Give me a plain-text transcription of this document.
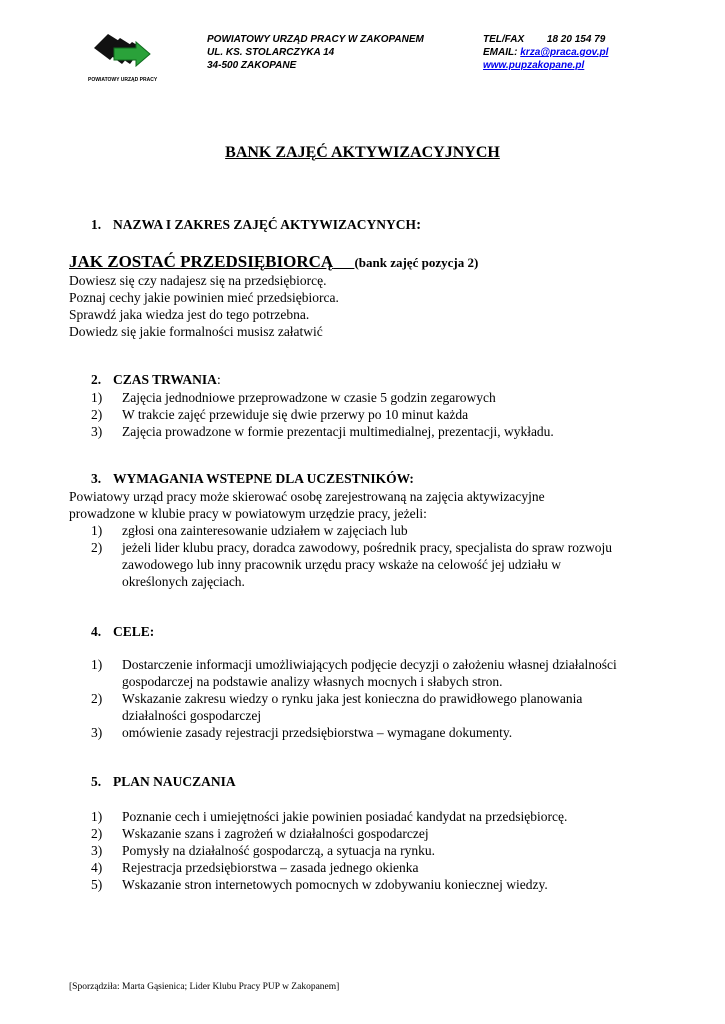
POWIATOWY URZĄD PRACY
POWIATOWY URZĄD PRACY W ZAKOPANEM
UL. KS. STOLARCZYKA 14
34-500 ZAKOPANE
TEL/FAX 18 20 154 79
EMAIL: krza@praca.gov.pl
www.pupzakopane.pl
BANK ZAJĘĆ AKTYWIZACYJNYCH
1. NAZWA I ZAKRES ZAJĘĆ AKTYWIZACYNYCH:
JAK ZOSTAĆ PRZEDSIĘBIORCĄ (bank zajęć pozycja 2)
Dowiesz się czy nadajesz się na przedsiębiorcę.
Poznaj cechy jakie powinien mieć przedsiębiorca.
Sprawdź jaka wiedza jest do tego potrzebna.
Dowiedz się jakie formalności musisz załatwić
2. CZAS TRWANIA:
1)	Zajęcia jednodniowe przeprowadzone w czasie 5 godzin zegarowych
2)	W trakcie zajęć przewiduje się dwie przerwy po 10 minut każda
3)	Zajęcia prowadzone w formie prezentacji multimedialnej, prezentacji, wykładu.
3. WYMAGANIA WSTEPNE DLA UCZESTNIKÓW:
Powiatowy urząd pracy może skierować osobę zarejestrowaną na zajęcia aktywizacyjne
prowadzone w klubie pracy w powiatowym urzędzie pracy, jeżeli:
1)	zgłosi ona zainteresowanie udziałem w zajęciach lub
2)	jeżeli lider klubu pracy, doradca zawodowy, pośrednik pracy, specjalista do spraw rozwoju
zawodowego lub inny pracownik urzędu pracy wskaże na celowość jej udziału w
określonych zajęciach.
4. CELE:
1)	Dostarczenie informacji umożliwiających podjęcie decyzji o założeniu własnej działalności
gospodarczej na podstawie analizy własnych mocnych i słabych stron.
2)	Wskazanie zakresu wiedzy o rynku jaka jest konieczna do prawidłowego planowania
działalności gospodarczej
3)	omówienie zasady rejestracji przedsiębiorstwa – wymagane dokumenty.
5. PLAN NAUCZANIA
1)	Poznanie cech i umiejętności jakie powinien posiadać kandydat na przedsiębiorcę.
2)	Wskazanie szans i zagrożeń w działalności gospodarczej
3)	Pomysły na działalność gospodarczą, a sytuacja na rynku.
4)	Rejestracja przedsiębiorstwa – zasada jednego okienka
5)	Wskazanie stron internetowych pomocnych w zdobywaniu koniecznej wiedzy.
[Sporządziła: Marta Gąsienica; Lider Klubu Pracy PUP w Zakopanem]
